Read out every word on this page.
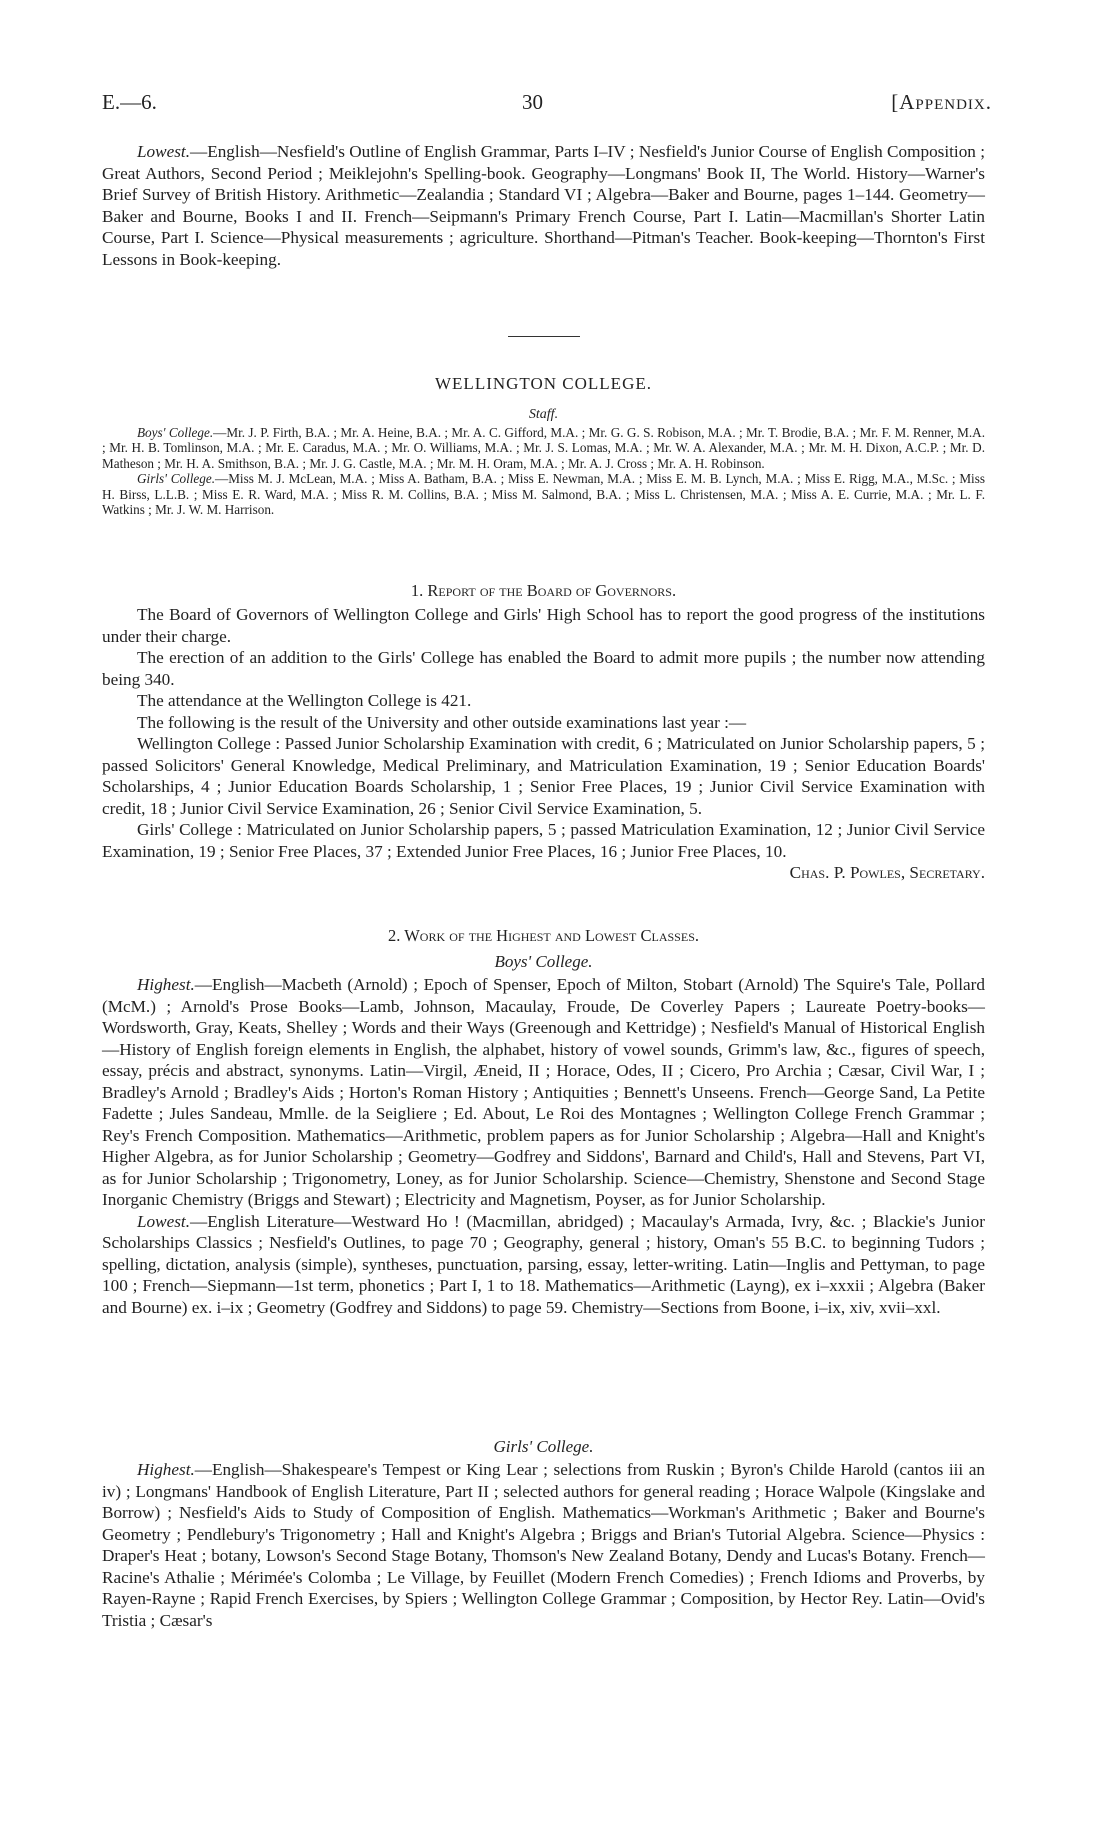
E.—6.	30	[Appendix.

Lowest.—English—Nesfield's Outline of English Grammar, Parts I–IV ; Nesfield's Junior Course of English Composition ; Great Authors, Second Period ; Meiklejohn's Spelling-book. Geography—Longmans' Book II, The World. History—Warner's Brief Survey of British History. Arithmetic—Zealandia ; Standard VI ; Algebra—Baker and Bourne, pages 1–144. Geometry—Baker and Bourne, Books I and II. French—Seipmann's Primary French Course, Part I. Latin—Macmillan's Shorter Latin Course, Part I. Science—Physical measurements ; agriculture. Shorthand—Pitman's Teacher. Book-keeping—Thornton's First Lessons in Book-keeping.

WELLINGTON COLLEGE.
Staff.

Boys' College.—Mr. J. P. Firth, B.A. ; Mr. A. Heine, B.A. ; Mr. A. C. Gifford, M.A. ; Mr. G. G. S. Robison, M.A. ; Mr. T. Brodie, B.A. ; Mr. F. M. Renner, M.A. ; Mr. H. B. Tomlinson, M.A. ; Mr. E. Caradus, M.A. ; Mr. O. Williams, M.A. ; Mr. J. S. Lomas, M.A. ; Mr. W. A. Alexander, M.A. ; Mr. M. H. Dixon, A.C.P. ; Mr. D. Matheson ; Mr. H. A. Smithson, B.A. ; Mr. J. G. Castle, M.A. ; Mr. M. H. Oram, M.A. ; Mr. A. J. Cross ; Mr. A. H. Robinson.

Girls' College.—Miss M. J. McLean, M.A. ; Miss A. Batham, B.A. ; Miss E. Newman, M.A. ; Miss E. M. B. Lynch, M.A. ; Miss E. Rigg, M.A., M.Sc. ; Miss H. Birss, L.L.B. ; Miss E. R. Ward, M.A. ; Miss R. M. Collins, B.A. ; Miss M. Salmond, B.A. ; Miss L. Christensen, M.A. ; Miss A. E. Currie, M.A. ; Mr. L. F. Watkins ; Mr. J. W. M. Harrison.

1. Report of the Board of Governors.

The Board of Governors of Wellington College and Girls' High School has to report the good progress of the institutions under their charge.

The erection of an addition to the Girls' College has enabled the Board to admit more pupils ; the number now attending being 340.

The attendance at the Wellington College is 421.

The following is the result of the University and other outside examinations last year :—

Wellington College : Passed Junior Scholarship Examination with credit, 6 ; Matriculated on Junior Scholarship papers, 5 ; passed Solicitors' General Knowledge, Medical Preliminary, and Matriculation Examination, 19 ; Senior Education Boards' Scholarships, 4 ; Junior Education Boards Scholarship, 1 ; Senior Free Places, 19 ; Junior Civil Service Examination with credit, 18 ; Junior Civil Service Examination, 26 ; Senior Civil Service Examination, 5.

Girls' College : Matriculated on Junior Scholarship papers, 5 ; passed Matriculation Examination, 12 ; Junior Civil Service Examination, 19 ; Senior Free Places, 37 ; Extended Junior Free Places, 16 ; Junior Free Places, 10.
Chas. P. Powles, Secretary.

2. Work of the Highest and Lowest Classes.
Boys' College.

Highest.—English—Macbeth (Arnold) ; Epoch of Spenser, Epoch of Milton, Stobart (Arnold) The Squire's Tale, Pollard (McM.) ; Arnold's Prose Books—Lamb, Johnson, Macaulay, Froude, De Coverley Papers ; Laureate Poetry-books—Wordsworth, Gray, Keats, Shelley ; Words and their Ways (Greenough and Kettridge) ; Nesfield's Manual of Historical English—History of English foreign elements in English, the alphabet, history of vowel sounds, Grimm's law, &c., figures of speech, essay, précis and abstract, synonyms. Latin—Virgil, Æneid, II ; Horace, Odes, II ; Cicero, Pro Archia ; Cæsar, Civil War, I ; Bradley's Arnold ; Bradley's Aids ; Horton's Roman History ; Antiquities ; Bennett's Unseens. French—George Sand, La Petite Fadette ; Jules Sandeau, Mmlle. de la Seigliere ; Ed. About, Le Roi des Montagnes ; Wellington College French Grammar ; Rey's French Composition. Mathematics—Arithmetic, problem papers as for Junior Scholarship ; Algebra—Hall and Knight's Higher Algebra, as for Junior Scholarship ; Geometry—Godfrey and Siddons', Barnard and Child's, Hall and Stevens, Part VI, as for Junior Scholarship ; Trigonometry, Loney, as for Junior Scholarship. Science—Chemistry, Shenstone and Second Stage Inorganic Chemistry (Briggs and Stewart) ; Electricity and Magnetism, Poyser, as for Junior Scholarship.

Lowest.—English Literature—Westward Ho ! (Macmillan, abridged) ; Macaulay's Armada, Ivry, &c. ; Blackie's Junior Scholarships Classics ; Nesfield's Outlines, to page 70 ; Geography, general ; history, Oman's 55 B.C. to beginning Tudors ; spelling, dictation, analysis (simple), syntheses, punctuation, parsing, essay, letter-writing. Latin—Inglis and Pettyman, to page 100 ; French—Siepmann—1st term, phonetics ; Part I, 1 to 18. Mathematics—Arithmetic (Layng), ex i–xxxii ; Algebra (Baker and Bourne) ex. i–ix ; Geometry (Godfrey and Siddons) to page 59. Chemistry—Sections from Boone, i–ix, xiv, xvii–xxl.

Girls' College.

Highest.—English—Shakespeare's Tempest or King Lear ; selections from Ruskin ; Byron's Childe Harold (cantos iii an iv) ; Longmans' Handbook of English Literature, Part II ; selected authors for general reading ; Horace Walpole (Kingslake and Borrow) ; Nesfield's Aids to Study of Composition of English. Mathematics—Workman's Arithmetic ; Baker and Bourne's Geometry ; Pendlebury's Trigonometry ; Hall and Knight's Algebra ; Briggs and Brian's Tutorial Algebra. Science—Physics : Draper's Heat ; botany, Lowson's Second Stage Botany, Thomson's New Zealand Botany, Dendy and Lucas's Botany. French—Racine's Athalie ; Mérimée's Colomba ; Le Village, by Feuillet (Modern French Comedies) ; French Idioms and Proverbs, by Rayen-Rayne ; Rapid French Exercises, by Spiers ; Wellington College Grammar ; Composition, by Hector Rey. Latin—Ovid's Tristia ; Cæsar's
